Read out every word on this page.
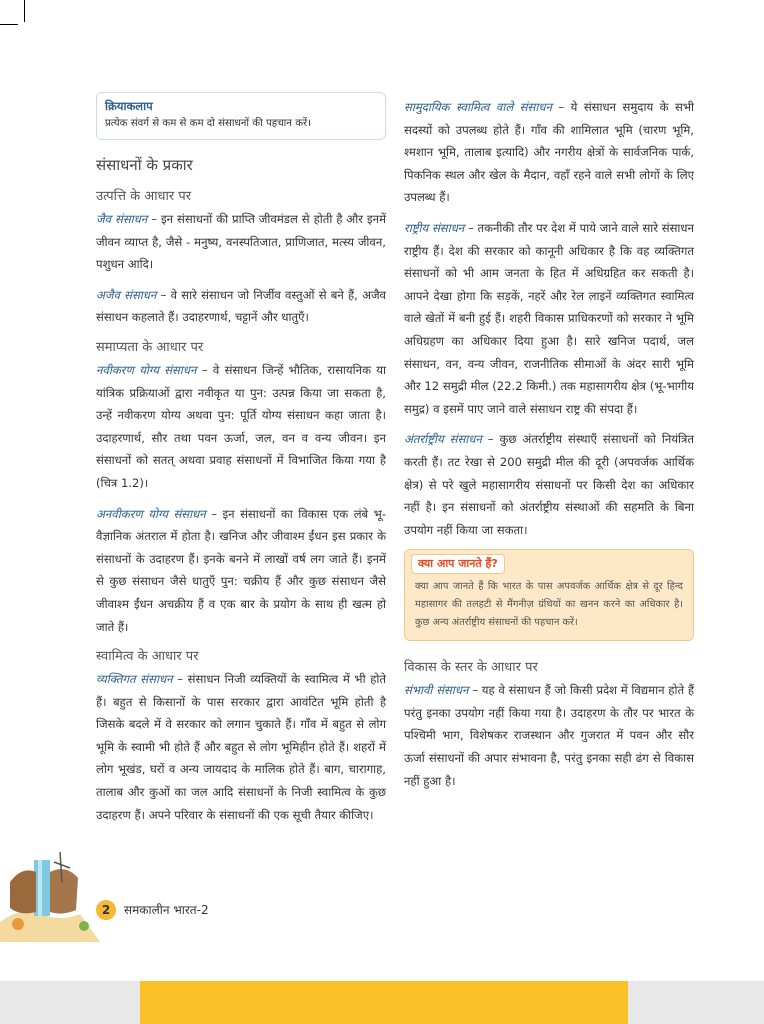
क्रियाकलाप
प्रत्येक संवर्ग से कम से कम दो संसाधनों की पहचान करें।
संसाधनों के प्रकार
उत्पत्ति के आधार पर

जैव संसाधन – इन संसाधनों की प्राप्ति जीवमंडल से होती है और इनमें जीवन व्याप्त है, जैसे - मनुष्य, वनस्पतिजात, प्राणिजात, मत्स्य जीवन, पशुधन आदि।

अजैव संसाधन – वे सारे संसाधन जो निर्जीव वस्तुओं से बने हैं, अजैव संसाधन कहलाते हैं। उदाहरणार्थ, चट्टानें और धातुएँ।

समाप्यता के आधार पर

नवीकरण योग्य संसाधन – वे संसाधन जिन्हें भौतिक, रासायनिक या यांत्रिक प्रक्रियाओं द्वारा नवीकृत या पुन: उत्पन्न किया जा सकता है, उन्हें नवीकरण योग्य अथवा पुन: पूर्ति योग्य संसाधन कहा जाता है। उदाहरणार्थ, सौर तथा पवन ऊर्जा, जल, वन व वन्य जीवन। इन संसाधनों को सतत् अथवा प्रवाह संसाधनों में विभाजित किया गया है (चित्र 1.2)।

अनवीकरण योग्य संसाधन – इन संसाधनों का विकास एक लंबे भू-वैज्ञानिक अंतराल में होता है। खनिज और जीवाश्म ईंधन इस प्रकार के संसाधनों के उदाहरण हैं। इनके बनने में लाखों वर्ष लग जाते हैं। इनमें से कुछ संसाधन जैसे धातुएँ पुन: चक्रीय हैं और कुछ संसाधन जैसे जीवाश्म ईंधन अचक्रीय हैं व एक बार के प्रयोग के साथ ही खत्म हो जाते हैं।

स्वामित्व के आधार पर

व्यक्तिगत संसाधन – संसाधन निजी व्यक्तियों के स्वामित्व में भी होते हैं। बहुत से किसानों के पास सरकार द्वारा आवंटित भूमि होती है जिसके बदले में वे सरकार को लगान चुकाते हैं। गाँव में बहुत से लोग भूमि के स्वामी भी होते हैं और बहुत से लोग भूमिहीन होते हैं। शहरों में लोग भूखंड, घरों व अन्य जायदाद के मालिक होते हैं। बाग, चारागाह, तालाब और कुओं का जल आदि संसाधनों के निजी स्वामित्व के कुछ उदाहरण हैं। अपने परिवार के संसाधनों की एक सूची तैयार कीजिए।

सामुदायिक स्वामित्व वाले संसाधन – ये संसाधन समुदाय के सभी सदस्यों को उपलब्ध होते हैं। गाँव की शामिलात भूमि (चारण भूमि, श्मशान भूमि, तालाब इत्यादि) और नगरीय क्षेत्रों के सार्वजनिक पार्क, पिकनिक स्थल और खेल के मैदान, वहाँ रहने वाले सभी लोगों के लिए उपलब्ध हैं।

राष्ट्रीय संसाधन – तकनीकी तौर पर देश में पाये जाने वाले सारे संसाधन राष्ट्रीय हैं। देश की सरकार को कानूनी अधिकार है कि वह व्यक्तिगत संसाधनों को भी आम जनता के हित में अधिग्रहित कर सकती है। आपने देखा होगा कि सड़कें, नहरें और रेल लाइनें व्यक्तिगत स्वामित्व वाले खेतों में बनी हुई हैं। शहरी विकास प्राधिकरणों को सरकार ने भूमि अधिग्रहण का अधिकार दिया हुआ है। सारे खनिज पदार्थ, जल संसाधन, वन, वन्य जीवन, राजनीतिक सीमाओं के अंदर सारी भूमि और 12 समुद्री मील (22.2 किमी.) तक महासागरीय क्षेत्र (भू-भागीय समुद्र) व इसमें पाए जाने वाले संसाधन राष्ट्र की संपदा हैं।

अंतर्राष्ट्रीय संसाधन – कुछ अंतर्राष्ट्रीय संस्थाएँ संसाधनों को नियंत्रित करती हैं। तट रेखा से 200 समुद्री मील की दूरी (अपवर्जक आर्थिक क्षेत्र) से परे खुले महासागरीय संसाधनों पर किसी देश का अधिकार नहीं है। इन संसाधनों को अंतर्राष्ट्रीय संस्थाओं की सहमति के बिना उपयोग नहीं किया जा सकता।

क्या आप जानते हैं?
क्या आप जानते हैं कि भारत के पास अपवर्जक आर्थिक क्षेत्र से दूर हिन्द महासागर की तलहटी से मैंगनीज़ ग्रंथियों का खनन करने का अधिकार है। कुछ अन्य अंतर्राष्ट्रीय संसाधनों की पहचान करें।
विकास के स्तर के आधार पर

संभावी संसाधन – यह वे संसाधन हैं जो किसी प्रदेश में विद्यमान होते हैं परंतु इनका उपयोग नहीं किया गया है। उदाहरण के तौर पर भारत के पश्चिमी भाग, विशेषकर राजस्थान और गुजरात में पवन और सौर ऊर्जा संसाधनों की अपार संभावना है, परंतु इनका सही ढंग से विकास नहीं हुआ है।

2 समकालीन भारत-2
